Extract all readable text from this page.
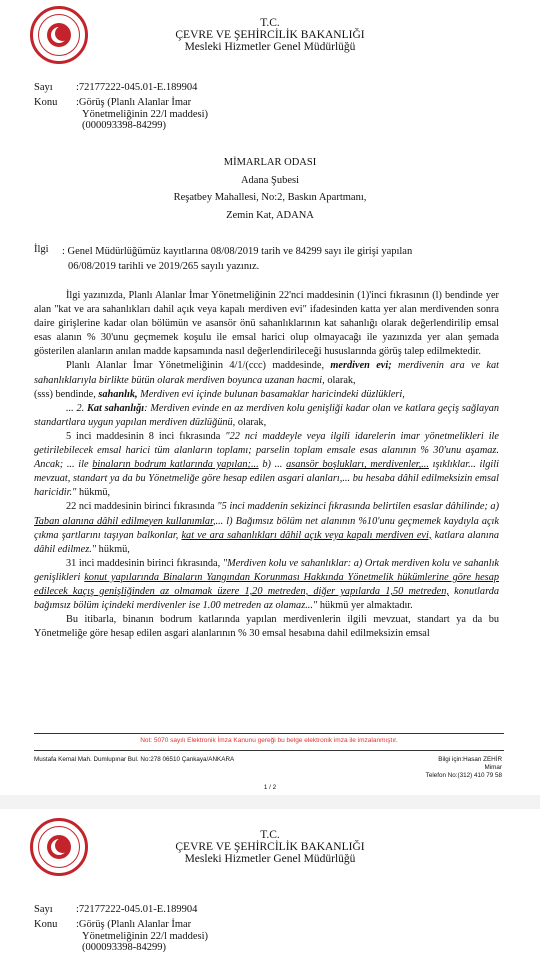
T.C.
ÇEVRE VE ŞEHİRCİLİK BAKANLIĞI
Mesleki Hizmetler Genel Müdürlüğü
Sayı :72177222-045.01-E.189904
Konu :Görüş (Planlı Alanlar İmar
Yönetmeliğinin 22/l maddesi)
(000093398-84299)
MİMARLAR ODASI
Adana Şubesi
Reşatbey Mahallesi, No:2, Baskın Apartmanı,
Zemin Kat, ADANA
İlgi : Genel Müdürlüğümüz kayıtlarına 08/08/2019 tarih ve 84299 sayı ile girişi yapılan
06/08/2019 tarihli ve 2019/265 sayılı yazınız.

İlgi yazınızda, Planlı Alanlar İmar Yönetmeliğinin 22'nci maddesinin (1)'inci fıkrasının (l) bendinde yer alan "kat ve ara sahanlıkları dahil açık veya kapalı merdiven evi" ifadesinden katta yer alan merdivenden sonra daire girişlerine kadar olan bölümün ve asansör önü sahanlıklarının kat sahanlığı olarak değerlendirilip emsal esas alanın % 30'unu geçmemek koşulu ile emsal harici olup olmayacağı ile yazınızda yer alan şemada gösterilen alanların anılan madde kapsamında nasıl değerlendirileceği hususlarında görüş talep edilmektedir.

Planlı Alanlar İmar Yönetmeliğinin 4/1/(ccc) maddesinde, merdiven evi; merdivenin ara ve kat sahanlıklarıyla birlikte bütün olarak merdiven boyunca uzanan hacmi, olarak,

(sss) bendinde, sahanlık, Merdiven evi içinde bulunan basamaklar haricindeki düzlükleri,

... 2. Kat sahanlığı: Merdiven evinde en az merdiven kolu genişliği kadar olan ve katlara geçiş sağlayan standartlara uygun yapılan merdiven düzlüğünü, olarak,

5 inci maddesinin 8 inci fıkrasında "22 nci maddeyle veya ilgili idarelerin imar yönetmelikleri ile getirilebilecek emsal harici tüm alanların toplamı; parselin toplam emsale esas alanının % 30'unu aşamaz. Ancak; ... ile binaların bodrum katlarında yapılan;... b) ... asansör boşlukları, merdivenler,... ışıklıklar... ilgili mevzuat, standart ya da bu Yönetmeliğe göre hesap edilen asgari alanları,... bu hesaba dâhil edilmeksizin emsal haricidir." hükmü,

22 nci maddesinin birinci fıkrasında "5 inci maddenin sekizinci fıkrasında belirtilen esaslar dâhilinde; a) Taban alanına dâhil edilmeyen kullanımlar,... l) Bağımsız bölüm net alanının %10'unu geçmemek kaydıyla açık çıkma şartlarını taşıyan balkonlar, kat ve ara sahanlıkları dâhil açık veya kapalı merdiven evi, katlara alanına dâhil edilmez." hükmü,

31 inci maddesinin birinci fıkrasında, "Merdiven kolu ve sahanlıklar: a) Ortak merdiven kolu ve sahanlık genişlikleri konut yapılarında Binaların Yangından Korunması Hakkında Yönetmelik hükümlerine göre hesap edilecek kaçış genişliğinden az olmamak üzere 1,20 metreden, diğer yapılarda 1,50 metreden, konutlarda bağımsız bölüm içindeki merdivenler ise 1.00 metreden az olamaz..." hükmü yer almaktadır.

Bu itibarla, binanın bodrum katlarında yapılan merdivenlerin ilgili mevzuat, standart ya da bu Yönetmeliğe göre hesap edilen asgari alanlarının % 30 emsal hesabına dahil edilmeksizin emsal

Not: 5070 sayılı Elektronik İmza Kanunu gereği bu belge elektronik imza ile imzalanmıştır.
Mustafa Kemal Mah. Dumlupınar Bul. No:278 06510 Çankaya/ANKARA	Bilgi için:Hasan ZEHİR
Mimar
Telefon No:(312) 410 79 58
1 / 2
T.C.
ÇEVRE VE ŞEHİRCİLİK BAKANLIĞI
Mesleki Hizmetler Genel Müdürlüğü
Sayı :72177222-045.01-E.189904
Konu :Görüş (Planlı Alanlar İmar
Yönetmeliğinin 22/l maddesi)
(000093398-84299)
